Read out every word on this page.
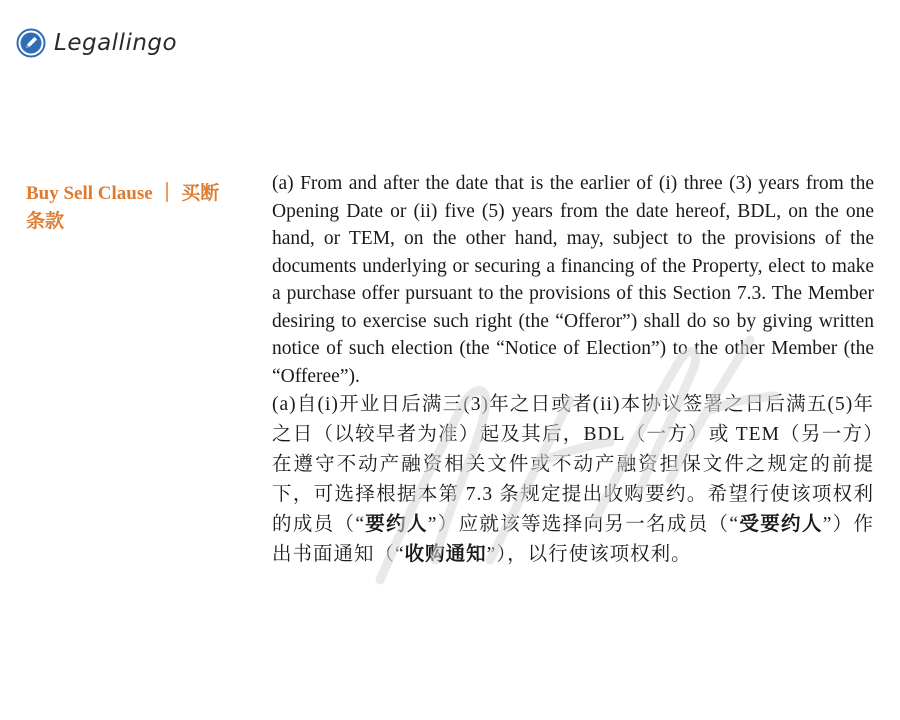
Legallingo

Buy Sell Clause ｜ 买断条款

(a) From and after the date that is the earlier of (i) three (3) years from the Opening Date or (ii) five (5) years from the date hereof, BDL, on the one hand, or TEM, on the other hand, may, subject to the provisions of the documents underlying or securing a financing of the Property, elect to make a purchase offer pursuant to the provisions of this Section 7.3. The Member desiring to exercise such right (the “Offeror”) shall do so by giving written notice of such election (the “Notice of Election”) to the other Member (the “Offeree”).

(a)自(i)开业日后满三(3)年之日或者(ii)本协议签署之日后满五(5)年之日（以较早者为准）起及其后，BDL（一方）或 TEM（另一方）在遵守不动产融资相关文件或不动产融资担保文件之规定的前提下，可选择根据本第 7.3 条规定提出收购要约。希望行使该项权利的成员（“要约人”）应就该等选择向另一名成员（“受要约人”）作出书面通知（“收购通知”），以行使该项权利。
